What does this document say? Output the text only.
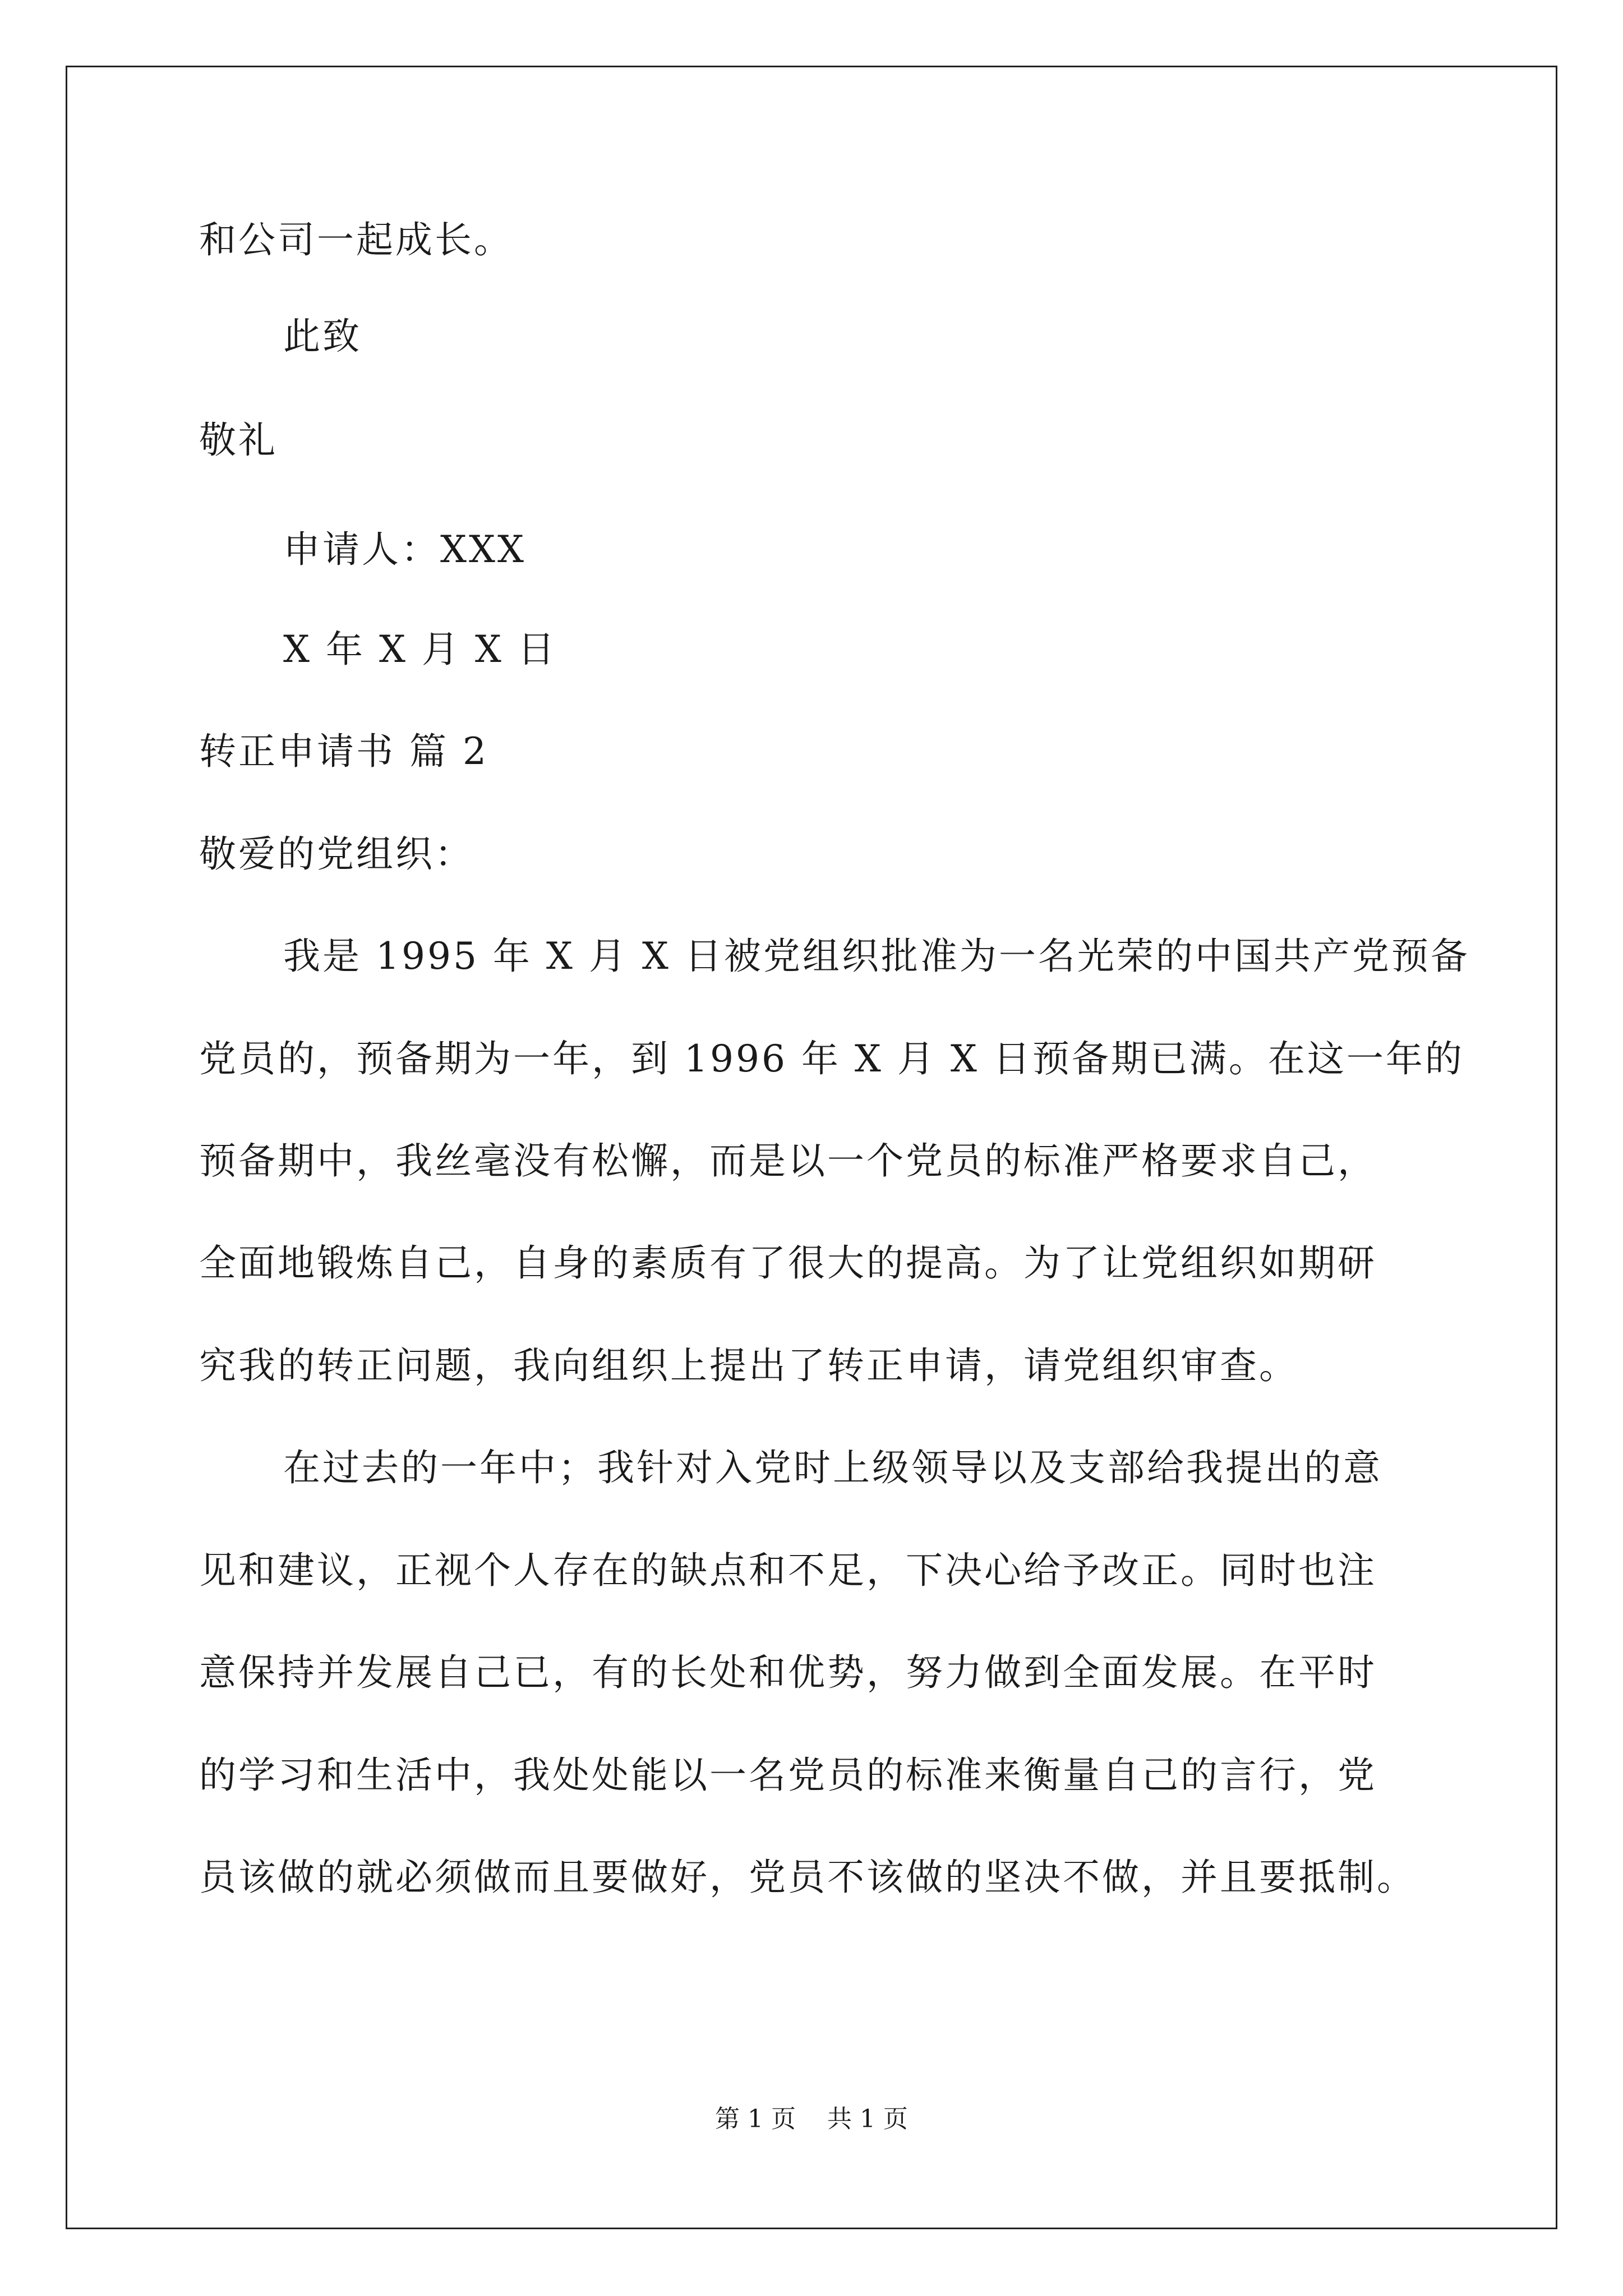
和公司一起成长。
此致
敬礼
申请人：XXX
X 年 X 月 X 日
转正申请书 篇 2
敬爱的党组织：
我是 1995 年 X 月 X 日被党组织批准为一名光荣的中国共产党预备
党员的，预备期为一年，到 1996 年 X 月 X 日预备期已满。在这一年的
预备期中，我丝毫没有松懈，而是以一个党员的标准严格要求自己，
全面地锻炼自己，自身的素质有了很大的提高。为了让党组织如期研
究我的转正问题，我向组织上提出了转正申请，请党组织审查。
在过去的一年中；我针对入党时上级领导以及支部给我提出的意
见和建议，正视个人存在的缺点和不足，下决心给予改正。同时也注
意保持并发展自己已，有的长处和优势，努力做到全面发展。在平时
的学习和生活中，我处处能以一名党员的标准来衡量自己的言行，党
员该做的就必须做而且要做好，党员不该做的坚决不做，并且要抵制。
第 1 页    共 1 页
